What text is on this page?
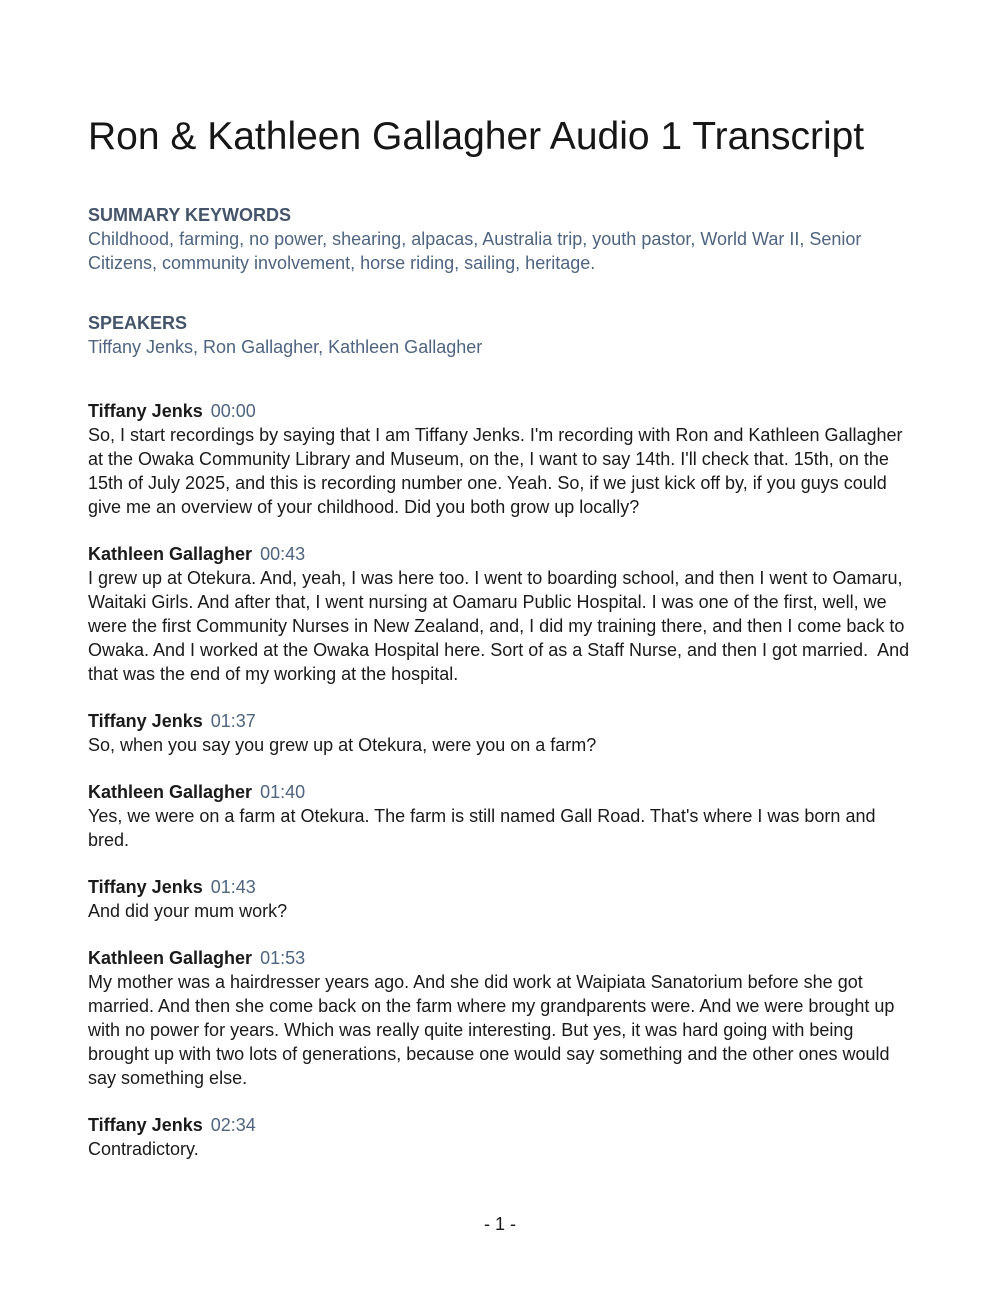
Ron & Kathleen Gallagher Audio 1 Transcript

SUMMARY KEYWORDS

Childhood, farming, no power, shearing, alpacas, Australia trip, youth pastor, World War II, Senior Citizens, community involvement, horse riding, sailing, heritage.

SPEAKERS

Tiffany Jenks, Ron Gallagher, Kathleen Gallagher

Tiffany Jenks 00:00

So, I start recordings by saying that I am Tiffany Jenks. I'm recording with Ron and Kathleen Gallagher at the Owaka Community Library and Museum, on the, I want to say 14th. I'll check that. 15th, on the 15th of July 2025, and this is recording number one. Yeah. So, if we just kick off by, if you guys could give me an overview of your childhood. Did you both grow up locally?

Kathleen Gallagher 00:43

I grew up at Otekura. And, yeah, I was here too. I went to boarding school, and then I went to Oamaru, Waitaki Girls. And after that, I went nursing at Oamaru Public Hospital. I was one of the first, well, we were the first Community Nurses in New Zealand, and, I did my training there, and then I come back to Owaka. And I worked at the Owaka Hospital here. Sort of as a Staff Nurse, and then I got married.  And that was the end of my working at the hospital.

Tiffany Jenks 01:37

So, when you say you grew up at Otekura, were you on a farm?

Kathleen Gallagher 01:40

Yes, we were on a farm at Otekura. The farm is still named Gall Road. That's where I was born and bred.

Tiffany Jenks 01:43

And did your mum work?

Kathleen Gallagher 01:53

My mother was a hairdresser years ago. And she did work at Waipiata Sanatorium before she got married. And then she come back on the farm where my grandparents were. And we were brought up with no power for years. Which was really quite interesting. But yes, it was hard going with being brought up with two lots of generations, because one would say something and the other ones would say something else.

Tiffany Jenks 02:34

Contradictory.

- 1 -
